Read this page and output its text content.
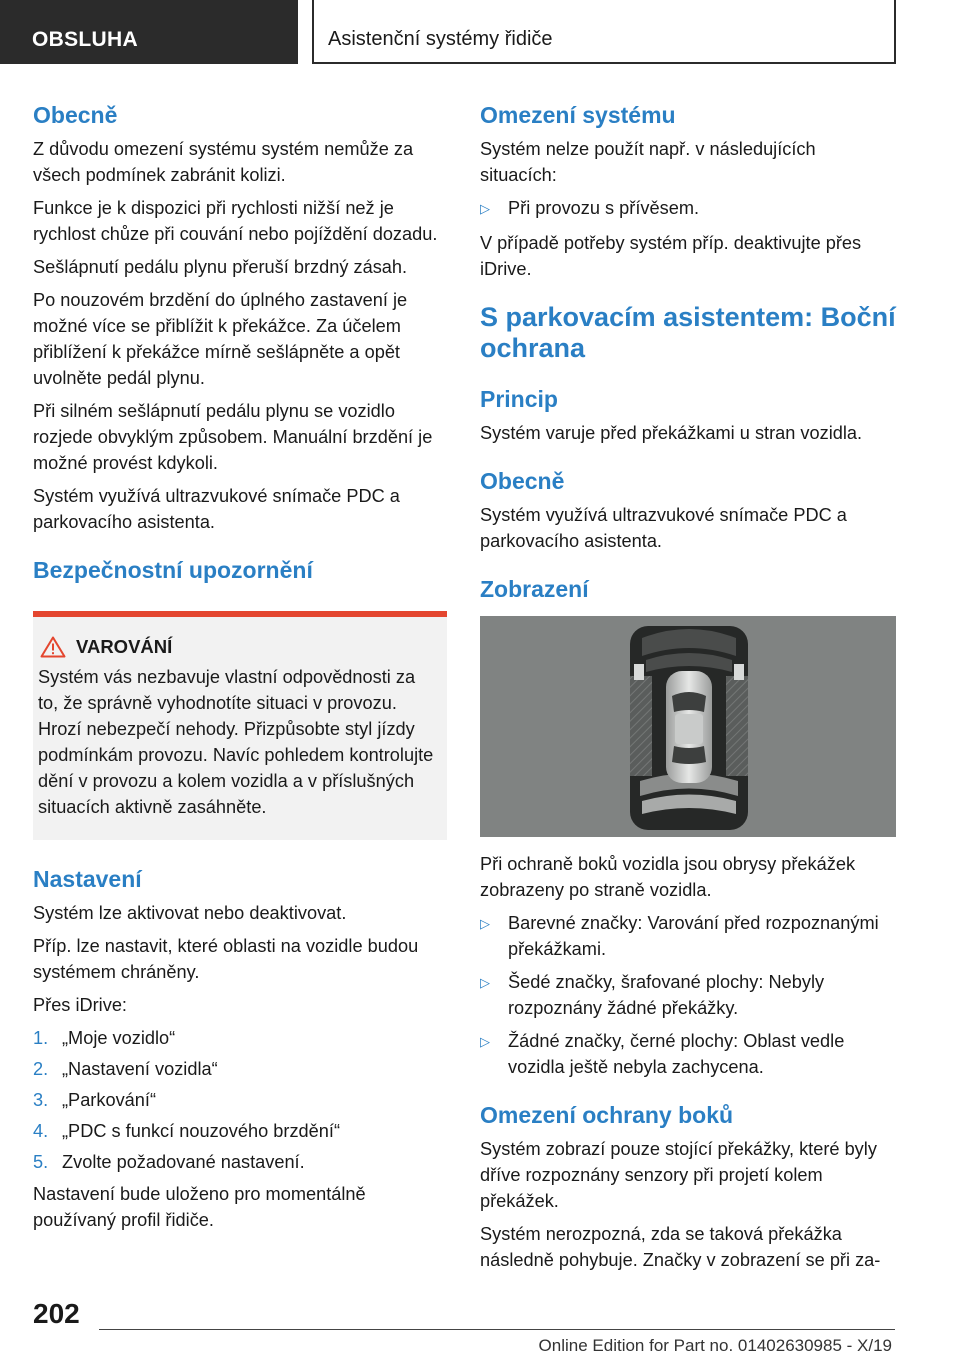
OBSLUHA	Asistenční systémy řidiče
Obecně

Z důvodu omezení systému systém nemůže za všech podmínek zabránit kolizi.

Funkce je k dispozici při rychlosti nižší než je rychlost chůze při couvání nebo pojíždění dozadu.

Sešlápnutí pedálu plynu přeruší brzdný zásah.

Po nouzovém brzdění do úplného zastavení je možné více se přiblížit k překážce. Za účelem přiblížení k překážce mírně sešlápněte a opět uvolněte pedál plynu.

Při silném sešlápnutí pedálu plynu se vozidlo rozjede obvyklým způsobem. Manuální brzdění je možné provést kdykoli.

Systém využívá ultrazvukové snímače PDC a parkovacího asistenta.

Bezpečnostní upozornění
VAROVÁNÍ

Systém vás nezbavuje vlastní odpovědnosti za to, že správně vyhodnotíte situaci v provozu. Hrozí nebezpečí nehody. Přizpůsobte styl jízdy podmínkám provozu. Navíc pohledem kontrolujte dění v provozu a kolem vozidla a v příslušných situacích aktivně zasáhněte.

Nastavení

Systém lze aktivovat nebo deaktivovat.

Příp. lze nastavit, které oblasti na vozidle budou systémem chráněny.

Přes iDrive:

1. „Moje vozidlo“
2. „Nastavení vozidla“
3. „Parkování“
4. „PDC s funkcí nouzového brzdění“
5. Zvolte požadované nastavení.

Nastavení bude uloženo pro momentálně používaný profil řidiče.

Omezení systému

Systém nelze použít např. v následujících situacích:

▷ Při provozu s přívěsem.

V případě potřeby systém příp. deaktivujte přes iDrive.

S parkovacím asistentem: Boční ochrana
Princip

Systém varuje před překážkami u stran vozidla.

Obecně

Systém využívá ultrazvukové snímače PDC a parkovacího asistenta.

Zobrazení

Při ochraně boků vozidla jsou obrysy překážek zobrazeny po straně vozidla.

▷ Barevné značky: Varování před rozpoznanými překážkami.
▷ Šedé značky, šrafované plochy: Nebyly rozpoznány žádné překážky.
▷ Žádné značky, černé plochy: Oblast vedle vozidla ještě nebyla zachycena.
Omezení ochrany boků

Systém zobrazí pouze stojící překážky, které byly dříve rozpoznány senzory při projetí kolem překážek.

Systém nerozpozná, zda se taková překážka následně pohybuje. Značky v zobrazení se při za-

202
Online Edition for Part no. 01402630985 - X/19
